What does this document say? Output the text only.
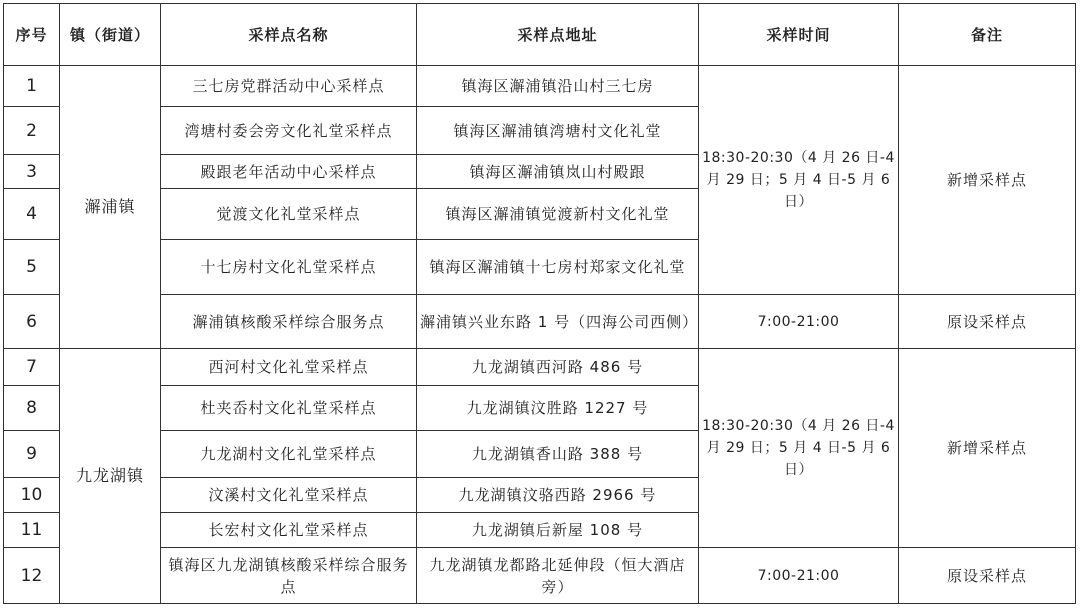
序号	镇（街道）	采样点名称	采样点地址	采样时间	备注
1	澥浦镇	三七房党群活动中心采样点	镇海区澥浦镇沿山村三七房	18:30-20:30（4 月 26 日-4 月 29 日；5 月 4 日-5 月 6 日）	新增采样点
2		湾塘村委会旁文化礼堂采样点	镇海区澥浦镇湾塘村文化礼堂		
3		殿跟老年活动中心采样点	镇海区澥浦镇岚山村殿跟		
4		觉渡文化礼堂采样点	镇海区澥浦镇觉渡新村文化礼堂		
5		十七房村文化礼堂采样点	镇海区澥浦镇十七房村郑家文化礼堂		
6		澥浦镇核酸采样综合服务点	澥浦镇兴业东路 1 号（四海公司西侧）	7:00-21:00	原设采样点
7	九龙湖镇	西河村文化礼堂采样点	九龙湖镇西河路 486 号	18:30-20:30（4 月 26 日-4 月 29 日；5 月 4 日-5 月 6 日）	新增采样点
8		杜夹岙村文化礼堂采样点	九龙湖镇汶胜路 1227 号		
9		九龙湖村文化礼堂采样点	九龙湖镇香山路 388 号		
10		汶溪村文化礼堂采样点	九龙湖镇汶骆西路 2966 号		
11		长宏村文化礼堂采样点	九龙湖镇后新屋 108 号		
12		镇海区九龙湖镇核酸采样综合服务点	九龙湖镇龙都路北延伸段（恒大酒店旁）	7:00-21:00	原设采样点
